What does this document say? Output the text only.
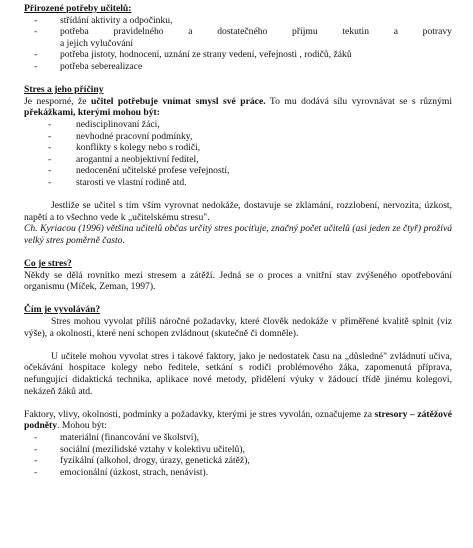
Přirozené potřeby učitelů:
- střídání aktivity a odpočinku,
- potřeba	pravidelného	a	dostatečného	příjmu	tekutin	a	potravy
a jejich vylučování
- potřeba jistoty, hodnocení, uznání ze strany vedení, veřejnosti , rodičů, žáků
- potřeba seberealizace
Stres a jeho příčiny
Je nesporné, že učitel potřebuje vnímat smysl své práce. To mu dodává sílu vyrovnávat se s různými překážkami, kterými mohou být:
- nedisciplinovaní žáci,
- nevhodné pracovní podmínky,
- konflikty s kolegy nebo s rodiči,
- arogantní a neobjektivní ředitel,
- nedocenění učitelské profese veřejností,
- starosti ve vlastní rodině atd.
Jestliže se učitel s tím vším vyrovnat nedokáže, dostavuje se zklamání, rozzlobení, nervozita, úzkost, napětí a to všechno vede k „učitelskému stresu".
Ch. Kyriacou (1996) většina učitelů občas určitý stres pociťuje, značný počet učitelů (asi jeden ze čtyř) prožívá velký stres poměrně často.
Co je stres?
Někdy se dělá rovnítko mezi stresem a zátěží. Jedná se o proces a vnitřní stav zvýšeného opotřebování organismu (Míček, Zeman, 1997).
Čím je vyvoláván?
Stres mohou vyvolat příliš náročné požadavky, které člověk nedokáže v přiměřené kvalitě splnit (viz výše), a okolnosti, které není schopen zvládnout (skutečně či domněle).
U učitele mohou vyvolat stres i takové faktory, jako je nedostatek času na „důsledné" zvládnutí učiva, očekávání hospitace kolegy nebo ředitele, setkání s rodiči problémového žáka, zapomenutá příprava, nefungující didaktická technika, aplikace nové metody, přidělení výuky v žádoucí třídě jinému kolegovi, nekázeň žáků atd.
Faktory, vlivy, okolnosti, podmínky a požadavky, kterými je stres vyvolán, označujeme za stresory – zátěžové podněty. Mohou být:
- materiální (financování ve školství),
- sociální (mezilidské vztahy v kolektivu učitelů),
- fyzikální (alkohol, drogy, úrazy, genetická zátěž),
- emocionální (úzkost, strach, nenávist).
